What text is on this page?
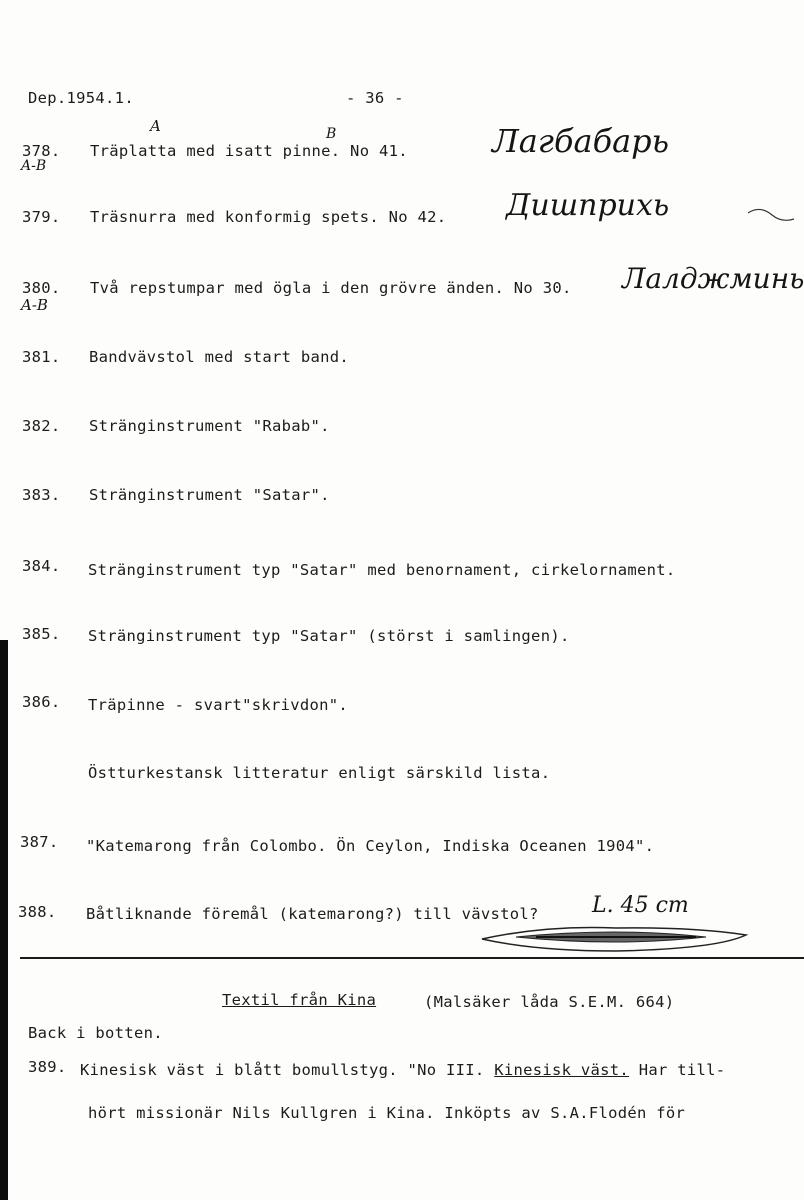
Dep.1954.1.	- 36 -
A	B
378.
A-B
Träplatta med isatt pinne. No 41.	Лагбабарь
379. Träsnurra med konformig spets. No 42. Дишприхь
380.
A-B
Två repstumpar med ögla i den grövre änden. No 30. Лалджминь
381. Bandvävstol med start band.
382. Stränginstrument "Rabab".
383. Stränginstrument "Satar".
384. Stränginstrument typ "Satar" med benornament, cirkelornament.
385. Stränginstrument typ "Satar" (störst i samlingen).
386. Träpinne - svart"skrivdon".
Östturkestansk litteratur enligt särskild lista.
387. "Katemarong från Colombo. Ön Ceylon, Indiska Oceanen 1904".
388. Båtliknande föremål (katemarong?) till vävstol? L. 45 cm
Textil från Kina	(Malsäker låda S.E.M. 664)
Back i botten.
389. Kinesisk väst i blått bomullstyg. "No III. Kinesisk väst. Har till-
hört missionär Nils Kullgren i Kina. Inköpts av S.A.Flodén för
